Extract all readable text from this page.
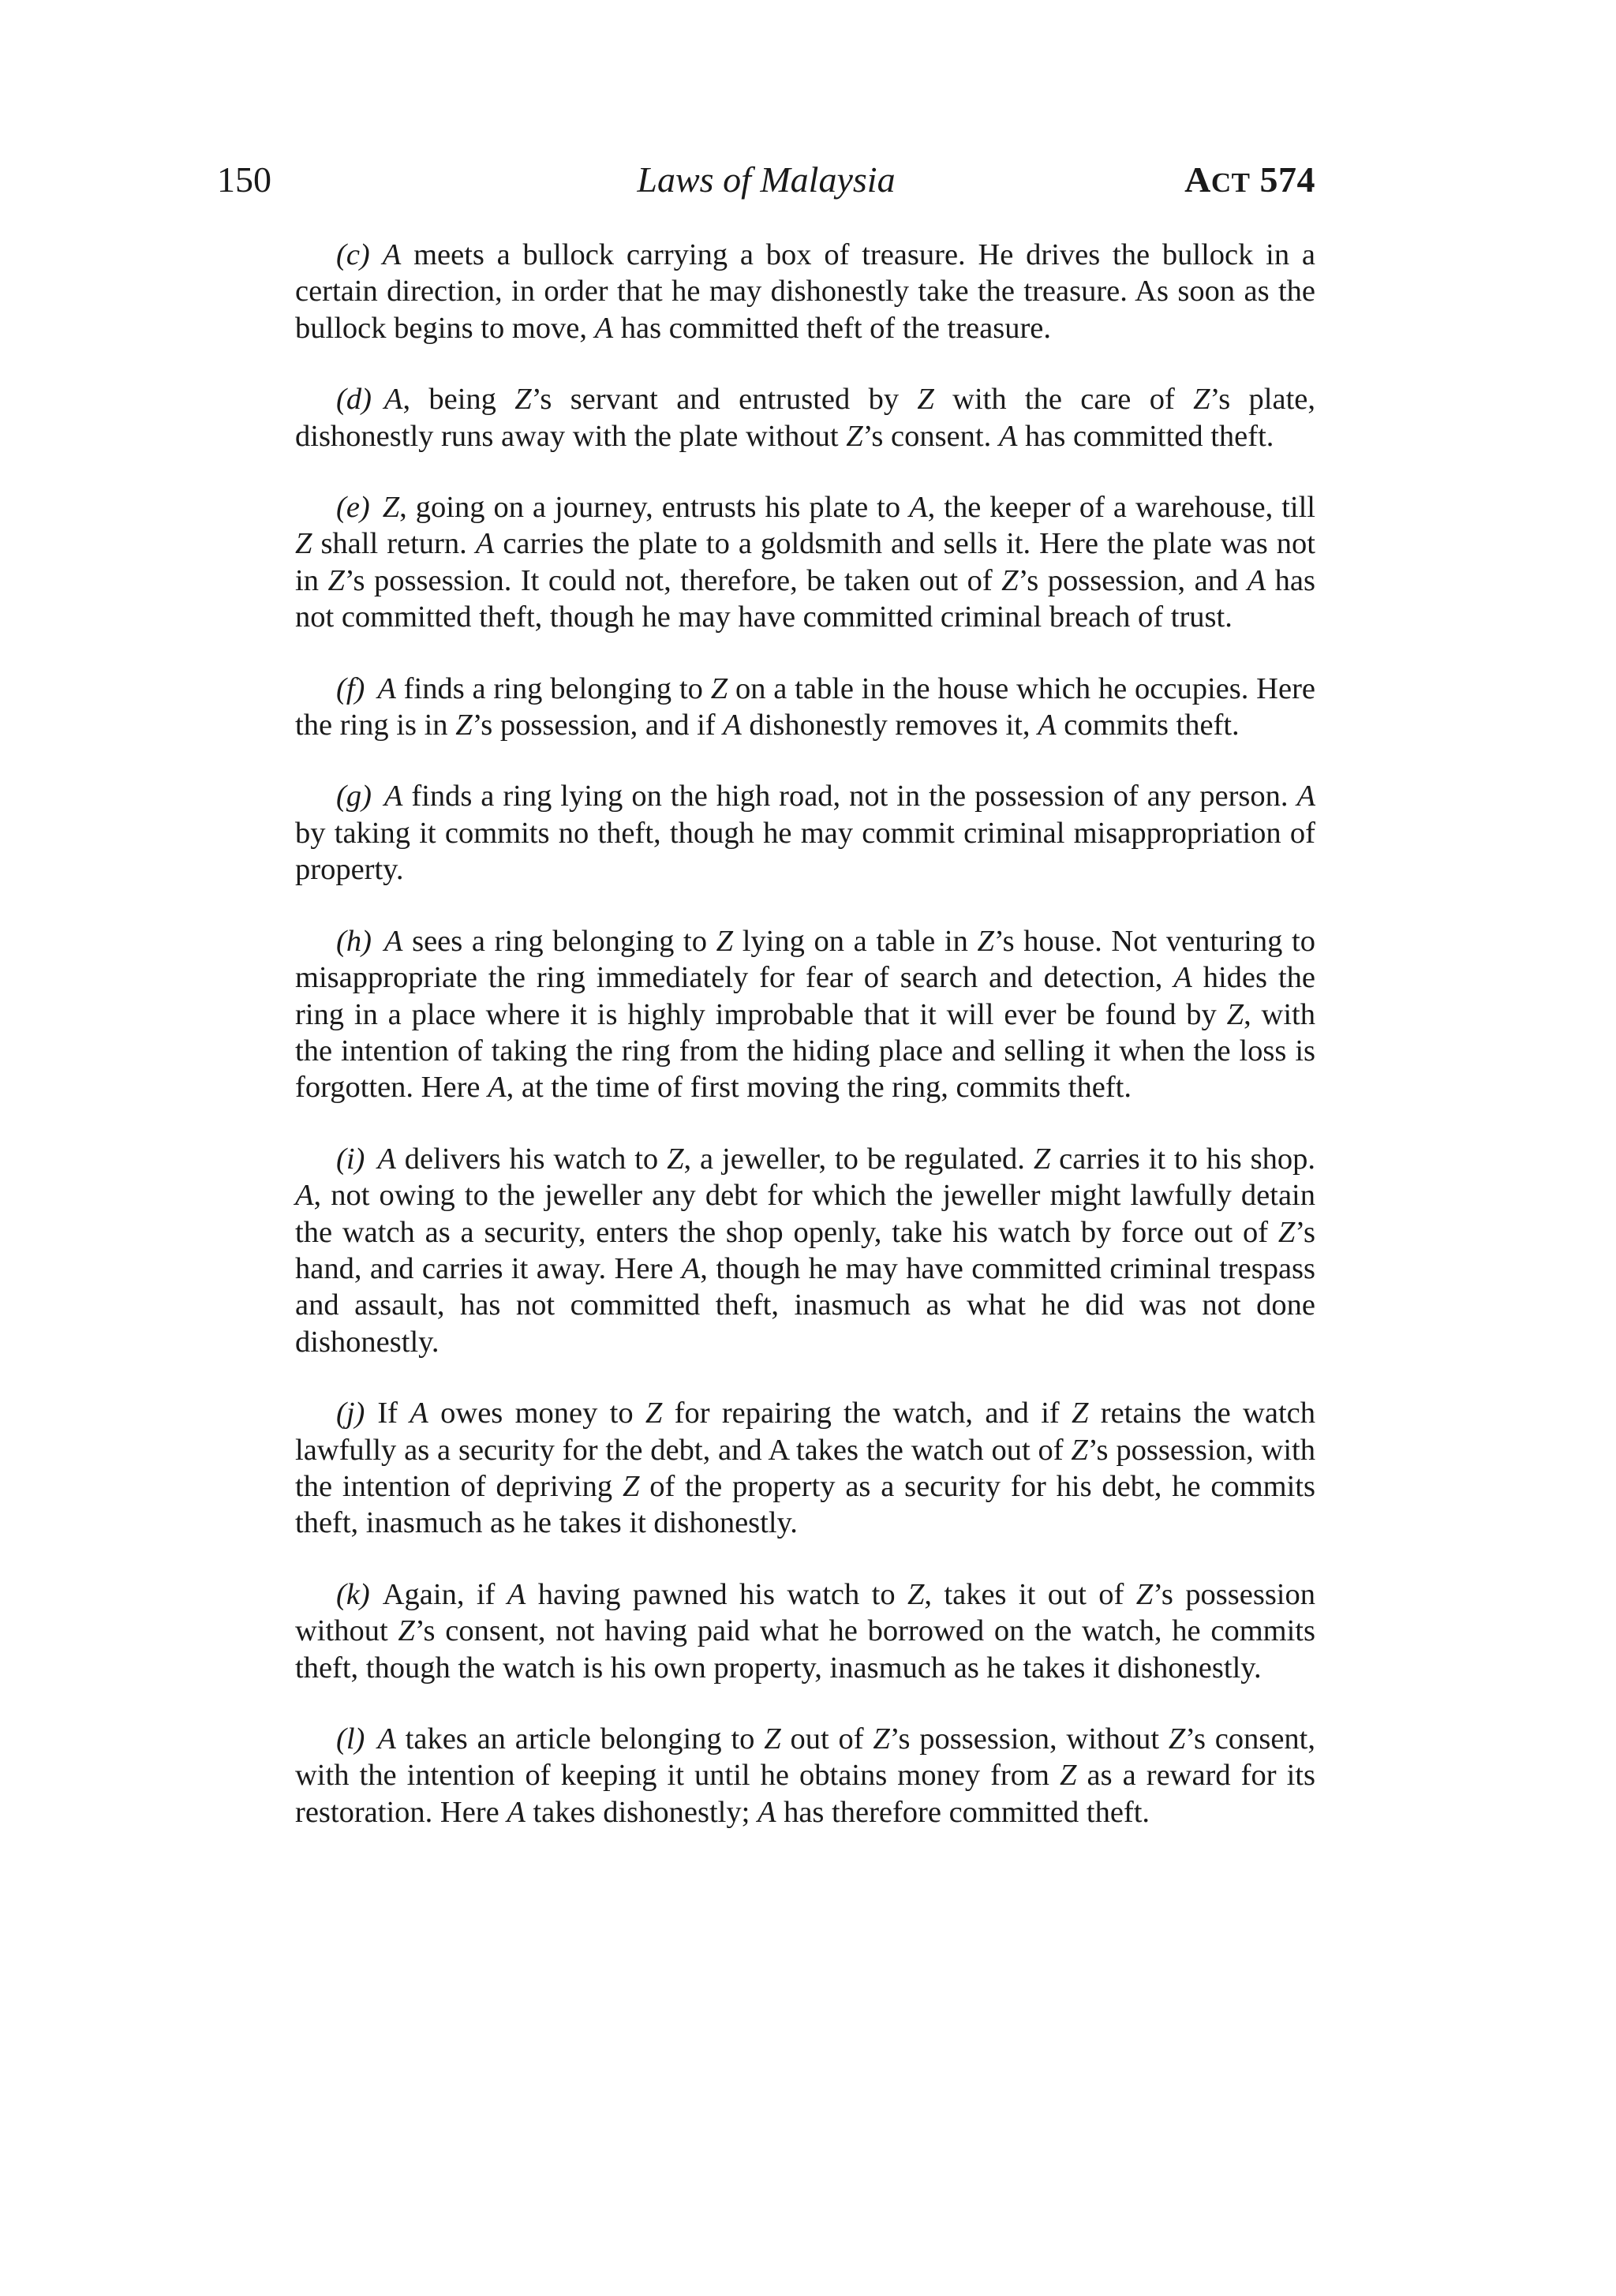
150	Laws of Malaysia	ACT 574

(c) A meets a bullock carrying a box of treasure. He drives the bullock in a certain direction, in order that he may dishonestly take the treasure. As soon as the bullock begins to move, A has committed theft of the treasure.

(d) A, being Z’s servant and entrusted by Z with the care of Z’s plate, dishonestly runs away with the plate without Z’s consent. A has committed theft.

(e) Z, going on a journey, entrusts his plate to A, the keeper of a warehouse, till Z shall return. A carries the plate to a goldsmith and sells it. Here the plate was not in Z’s possession. It could not, therefore, be taken out of Z’s possession, and A has not committed theft, though he may have committed criminal breach of trust.

(f) A finds a ring belonging to Z on a table in the house which he occupies. Here the ring is in Z’s possession, and if A dishonestly removes it, A commits theft.

(g) A finds a ring lying on the high road, not in the possession of any person. A by taking it commits no theft, though he may commit criminal misappropriation of property.

(h) A sees a ring belonging to Z lying on a table in Z’s house. Not venturing to misappropriate the ring immediately for fear of search and detection, A hides the ring in a place where it is highly improbable that it will ever be found by Z, with the intention of taking the ring from the hiding place and selling it when the loss is forgotten. Here A, at the time of first moving the ring, commits theft.

(i) A delivers his watch to Z, a jeweller, to be regulated. Z carries it to his shop. A, not owing to the jeweller any debt for which the jeweller might lawfully detain the watch as a security, enters the shop openly, take his watch by force out of Z’s hand, and carries it away. Here A, though he may have committed criminal trespass and assault, has not committed theft, inasmuch as what he did was not done dishonestly.

(j) If A owes money to Z for repairing the watch, and if Z retains the watch lawfully as a security for the debt, and A takes the watch out of Z’s possession, with the intention of depriving Z of the property as a security for his debt, he commits theft, inasmuch as he takes it dishonestly.

(k) Again, if A having pawned his watch to Z, takes it out of Z’s possession without Z’s consent, not having paid what he borrowed on the watch, he commits theft, though the watch is his own property, inasmuch as he takes it dishonestly.

(l) A takes an article belonging to Z out of Z’s possession, without Z’s consent, with the intention of keeping it until he obtains money from Z as a reward for its restoration. Here A takes dishonestly; A has therefore committed theft.
